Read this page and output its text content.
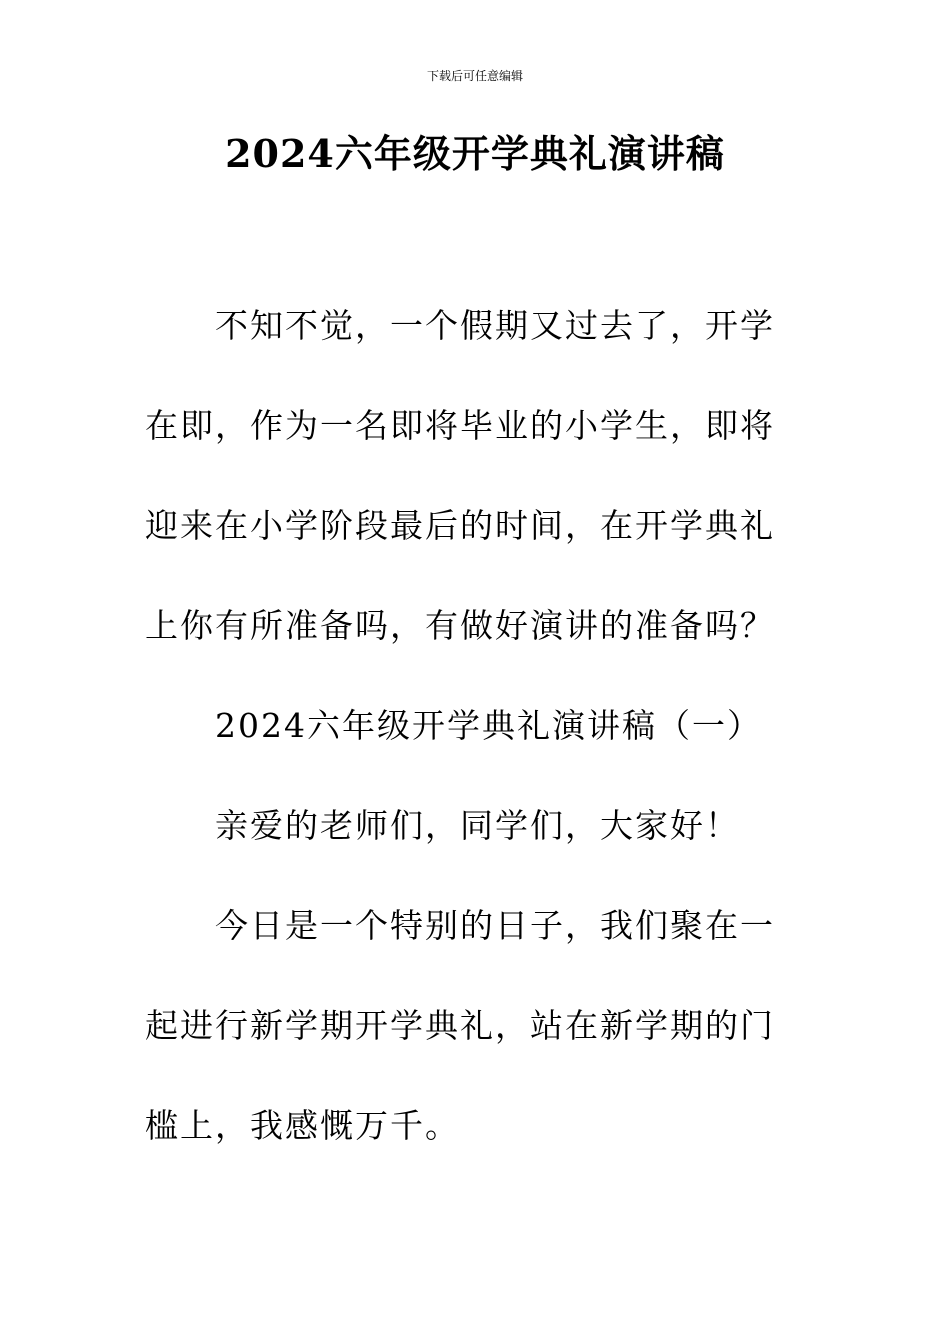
下载后可任意编辑
2024六年级开学典礼演讲稿

不知不觉，一个假期又过去了，开学在即，作为一名即将毕业的小学生，即将迎来在小学阶段最后的时间，在开学典礼上你有所准备吗，有做好演讲的准备吗？

2024六年级开学典礼演讲稿（一）

亲爱的老师们，同学们，大家好！

今日是一个特别的日子，我们聚在一起进行新学期开学典礼，站在新学期的门槛上，我感慨万千。
